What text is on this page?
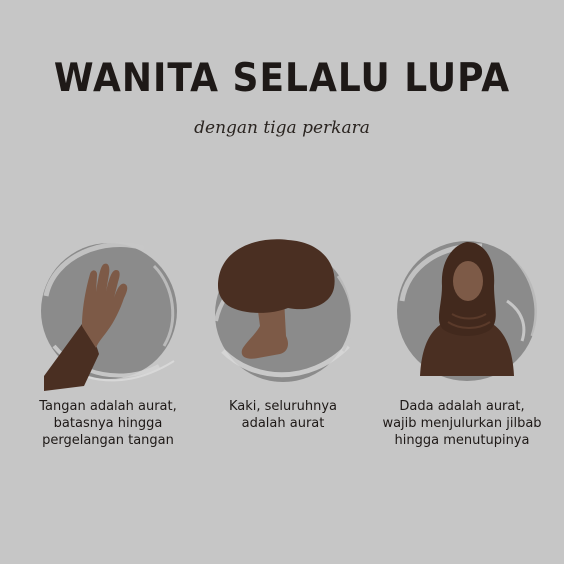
WANITA SELALU LUPA
dengan tiga perkara
Tangan adalah aurat,
batasnya hingga
pergelangan tangan
Kaki, seluruhnya
adalah aurat
Dada adalah aurat,
wajib menjulurkan jilbab
hingga menutupinya
